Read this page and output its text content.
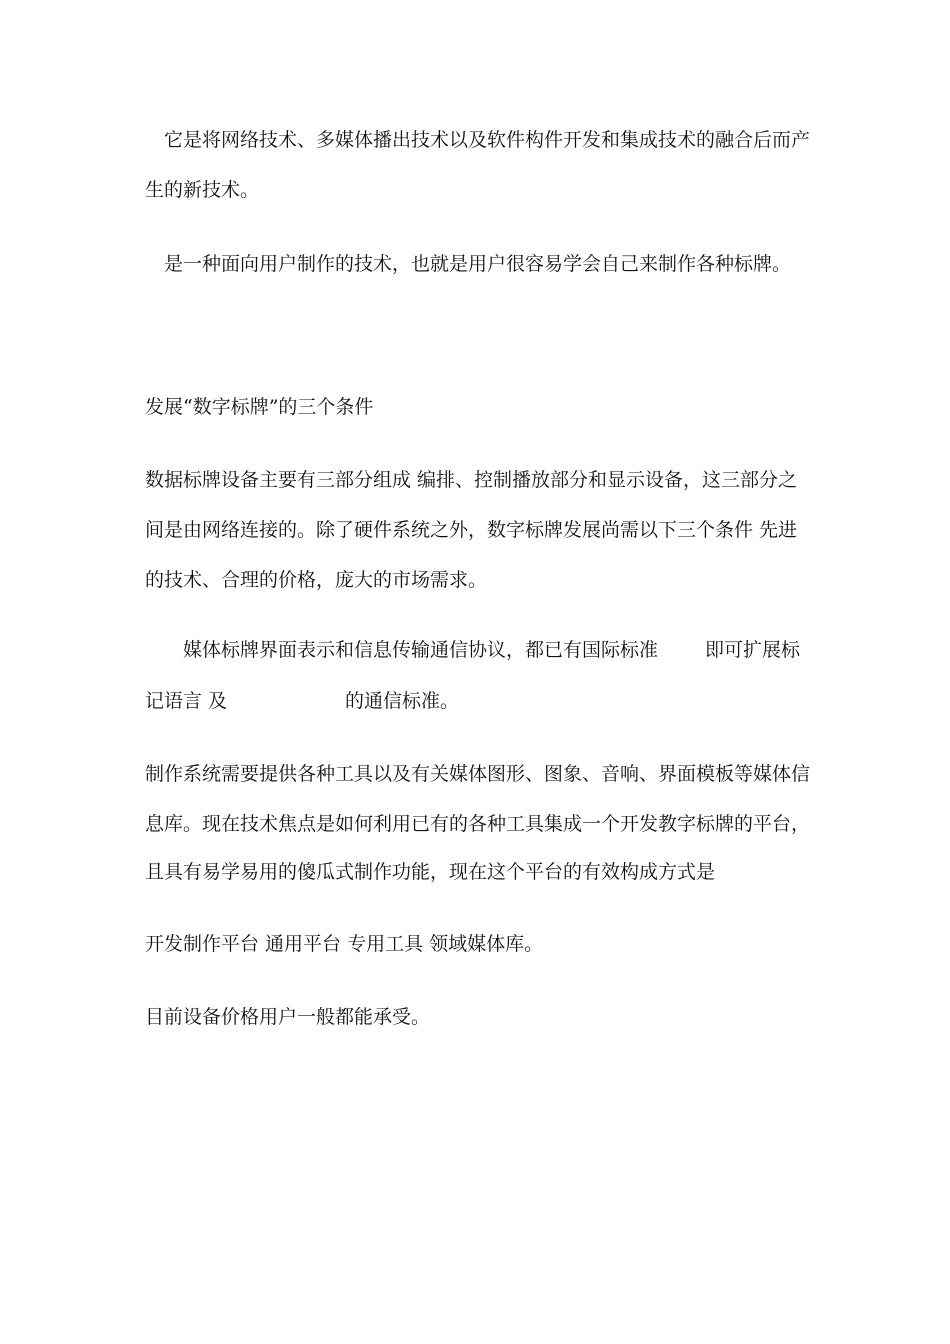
它是将网络技术、多媒体播出技术以及软件构件开发和集成技术的融合后而产

生的新技术。

是一种面向用户制作的技术，也就是用户很容易学会自己来制作各种标牌。

发展“数字标牌”的三个条件

数据标牌设备主要有三部分组成 编排、控制播放部分和显示设备，这三部分之

间是由网络连接的。除了硬件系统之外，数字标牌发展尚需以下三个条件 先进

的技术、合理的价格，庞大的市场需求。

媒体标牌界面表示和信息传输通信协议，都已有国际标准 即可扩展标

记语言 及	的通信标准。

制作系统需要提供各种工具以及有关媒体图形、图象、音响、界面模板等媒体信

息库。现在技术焦点是如何利用已有的各种工具集成一个开发教字标牌的平台，

且具有易学易用的傻瓜式制作功能，现在这个平台的有效构成方式是

开发制作平台 通用平台 专用工具 领域媒体库。

目前设备价格用户一般都能承受。
